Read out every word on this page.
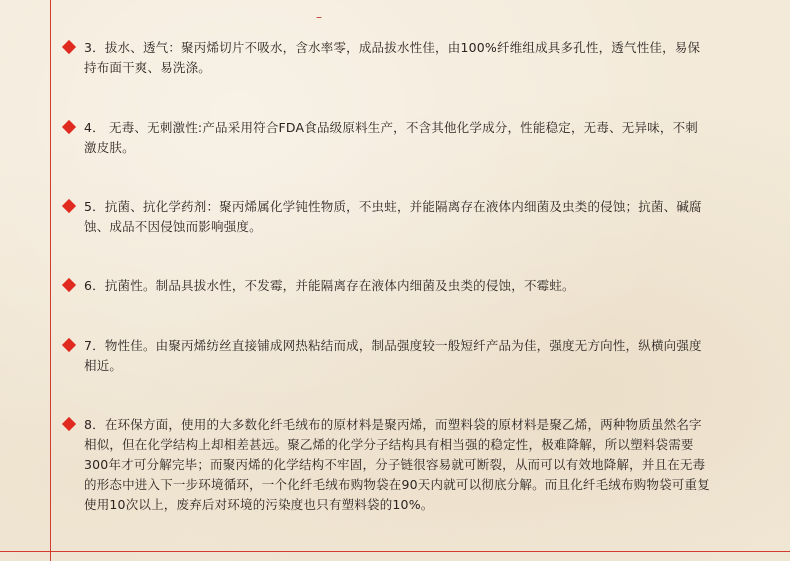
–
3．拔水、透气：聚丙烯切片不吸水，含水率零，成品拔水性佳，由100%纤维组成具多孔性，透气性佳，易保持布面干爽、易洗涤。
4． 无毒、无刺激性:产品采用符合FDA食品级原料生产，不含其他化学成分，性能稳定，无毒、无异味，不刺激皮肤。
5．抗菌、抗化学药剂：聚丙烯属化学钝性物质，不虫蛀，并能隔离存在液体内细菌及虫类的侵蚀；抗菌、碱腐蚀、成品不因侵蚀而影响强度。
6．抗菌性。制品具拔水性，不发霉，并能隔离存在液体内细菌及虫类的侵蚀，不霉蛀。
7．物性佳。由聚丙烯纺丝直接铺成网热粘结而成，制品强度较一般短纤产品为佳，强度无方向性，纵横向强度相近。
8．在环保方面，使用的大多数化纤毛绒布的原材料是聚丙烯，而塑料袋的原材料是聚乙烯，两种物质虽然名字相似，但在化学结构上却相差甚远。聚乙烯的化学分子结构具有相当强的稳定性，极难降解，所以塑料袋需要300年才可分解完毕；而聚丙烯的化学结构不牢固，分子链很容易就可断裂，从而可以有效地降解，并且在无毒的形态中进入下一步环境循环，一个化纤毛绒布购物袋在90天内就可以彻底分解。而且化纤毛绒布购物袋可重复使用10次以上，废弃后对环境的污染度也只有塑料袋的10%。
